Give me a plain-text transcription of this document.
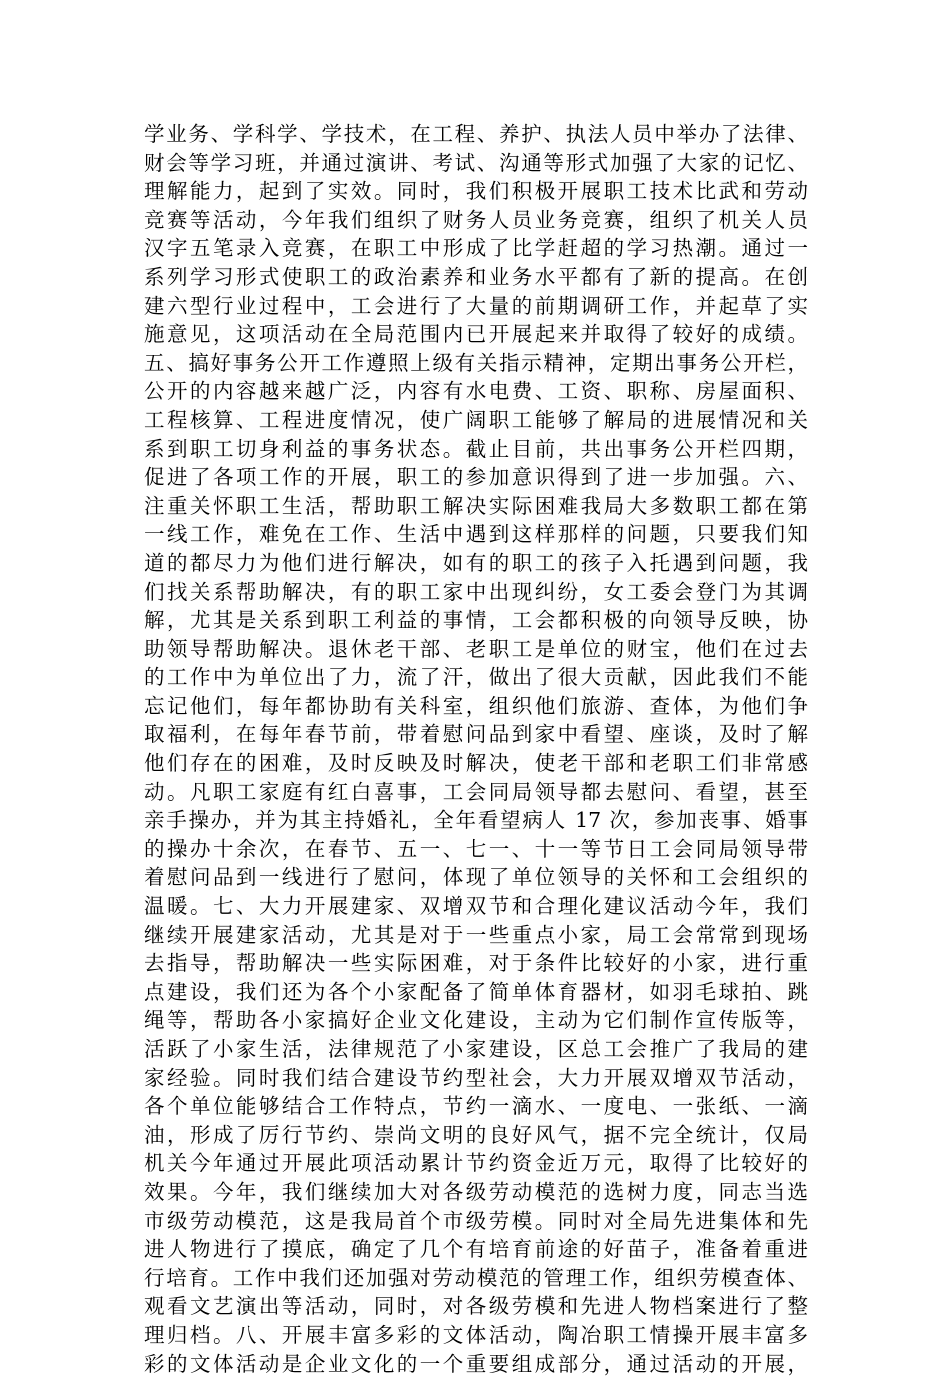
学业务、学科学、学技术，在工程、养护、执法人员中举办了法律、
财会等学习班，并通过演讲、考试、沟通等形式加强了大家的记忆、
理解能力，起到了实效。同时，我们积极开展职工技术比武和劳动
竞赛等活动，今年我们组织了财务人员业务竞赛，组织了机关人员
汉字五笔录入竞赛，在职工中形成了比学赶超的学习热潮。通过一
系列学习形式使职工的政治素养和业务水平都有了新的提高。在创
建六型行业过程中，工会进行了大量的前期调研工作，并起草了实
施意见，这项活动在全局范围内已开展起来并取得了较好的成绩。
五、搞好事务公开工作遵照上级有关指示精神，定期出事务公开栏，
公开的内容越来越广泛，内容有水电费、工资、职称、房屋面积、
工程核算、工程进度情况，使广阔职工能够了解局的进展情况和关
系到职工切身利益的事务状态。截止目前，共出事务公开栏四期，
促进了各项工作的开展，职工的参加意识得到了进一步加强。六、
注重关怀职工生活，帮助职工解决实际困难我局大多数职工都在第
一线工作，难免在工作、生活中遇到这样那样的问题，只要我们知
道的都尽力为他们进行解决，如有的职工的孩子入托遇到问题，我
们找关系帮助解决，有的职工家中出现纠纷，女工委会登门为其调
解，尤其是关系到职工利益的事情，工会都积极的向领导反映，协
助领导帮助解决。退休老干部、老职工是单位的财宝，他们在过去
的工作中为单位出了力，流了汗，做出了很大贡献，因此我们不能
忘记他们，每年都协助有关科室，组织他们旅游、查体，为他们争
取福利，在每年春节前，带着慰问品到家中看望、座谈，及时了解
他们存在的困难，及时反映及时解决，使老干部和老职工们非常感
动。凡职工家庭有红白喜事，工会同局领导都去慰问、看望，甚至
亲手操办，并为其主持婚礼，全年看望病人 17 次，参加丧事、婚事
的操办十余次，在春节、五一、七一、十一等节日工会同局领导带
着慰问品到一线进行了慰问，体现了单位领导的关怀和工会组织的
温暖。七、大力开展建家、双增双节和合理化建议活动今年，我们
继续开展建家活动，尤其是对于一些重点小家，局工会常常到现场
去指导，帮助解决一些实际困难，对于条件比较好的小家，进行重
点建设，我们还为各个小家配备了简单体育器材，如羽毛球拍、跳
绳等，帮助各小家搞好企业文化建设，主动为它们制作宣传版等，
活跃了小家生活，法律规范了小家建设，区总工会推广了我局的建
家经验。同时我们结合建设节约型社会，大力开展双增双节活动，
各个单位能够结合工作特点，节约一滴水、一度电、一张纸、一滴
油，形成了厉行节约、崇尚文明的良好风气，据不完全统计，仅局
机关今年通过开展此项活动累计节约资金近万元，取得了比较好的
效果。今年，我们继续加大对各级劳动模范的选树力度，同志当选
市级劳动模范，这是我局首个市级劳模。同时对全局先进集体和先
进人物进行了摸底，确定了几个有培育前途的好苗子，准备着重进
行培育。工作中我们还加强对劳动模范的管理工作，组织劳模查体、
观看文艺演出等活动，同时，对各级劳模和先进人物档案进行了整
理归档。八、开展丰富多彩的文体活动，陶冶职工情操开展丰富多
彩的文体活动是企业文化的一个重要组成部分，通过活动的开展，
